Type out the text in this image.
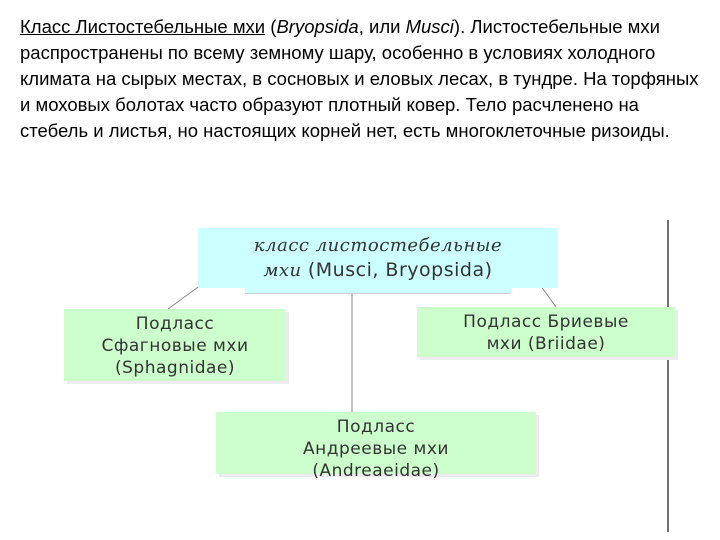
Класс Листостебельные мхи (Bryopsida, или Musci). Листостебельные мхи распространены по всему земному шару, особенно в условиях холодного климата на сырых местах, в сосновых и еловых лесах, в тундре. На торфяных и моховых болотах часто образуют плотный ковер. Тело расчленено на стебель и листья, но настоящих корней нет, есть многоклеточные ризоиды.

класс листостебельные
мхи (Musci, Bryopsida)
Подласс
Сфагновые мхи
(Sphagnidae)
Подласс Бриевые
мхи (Briidae)
Подласс
Андреевые мхи
(Andreaeidae)
